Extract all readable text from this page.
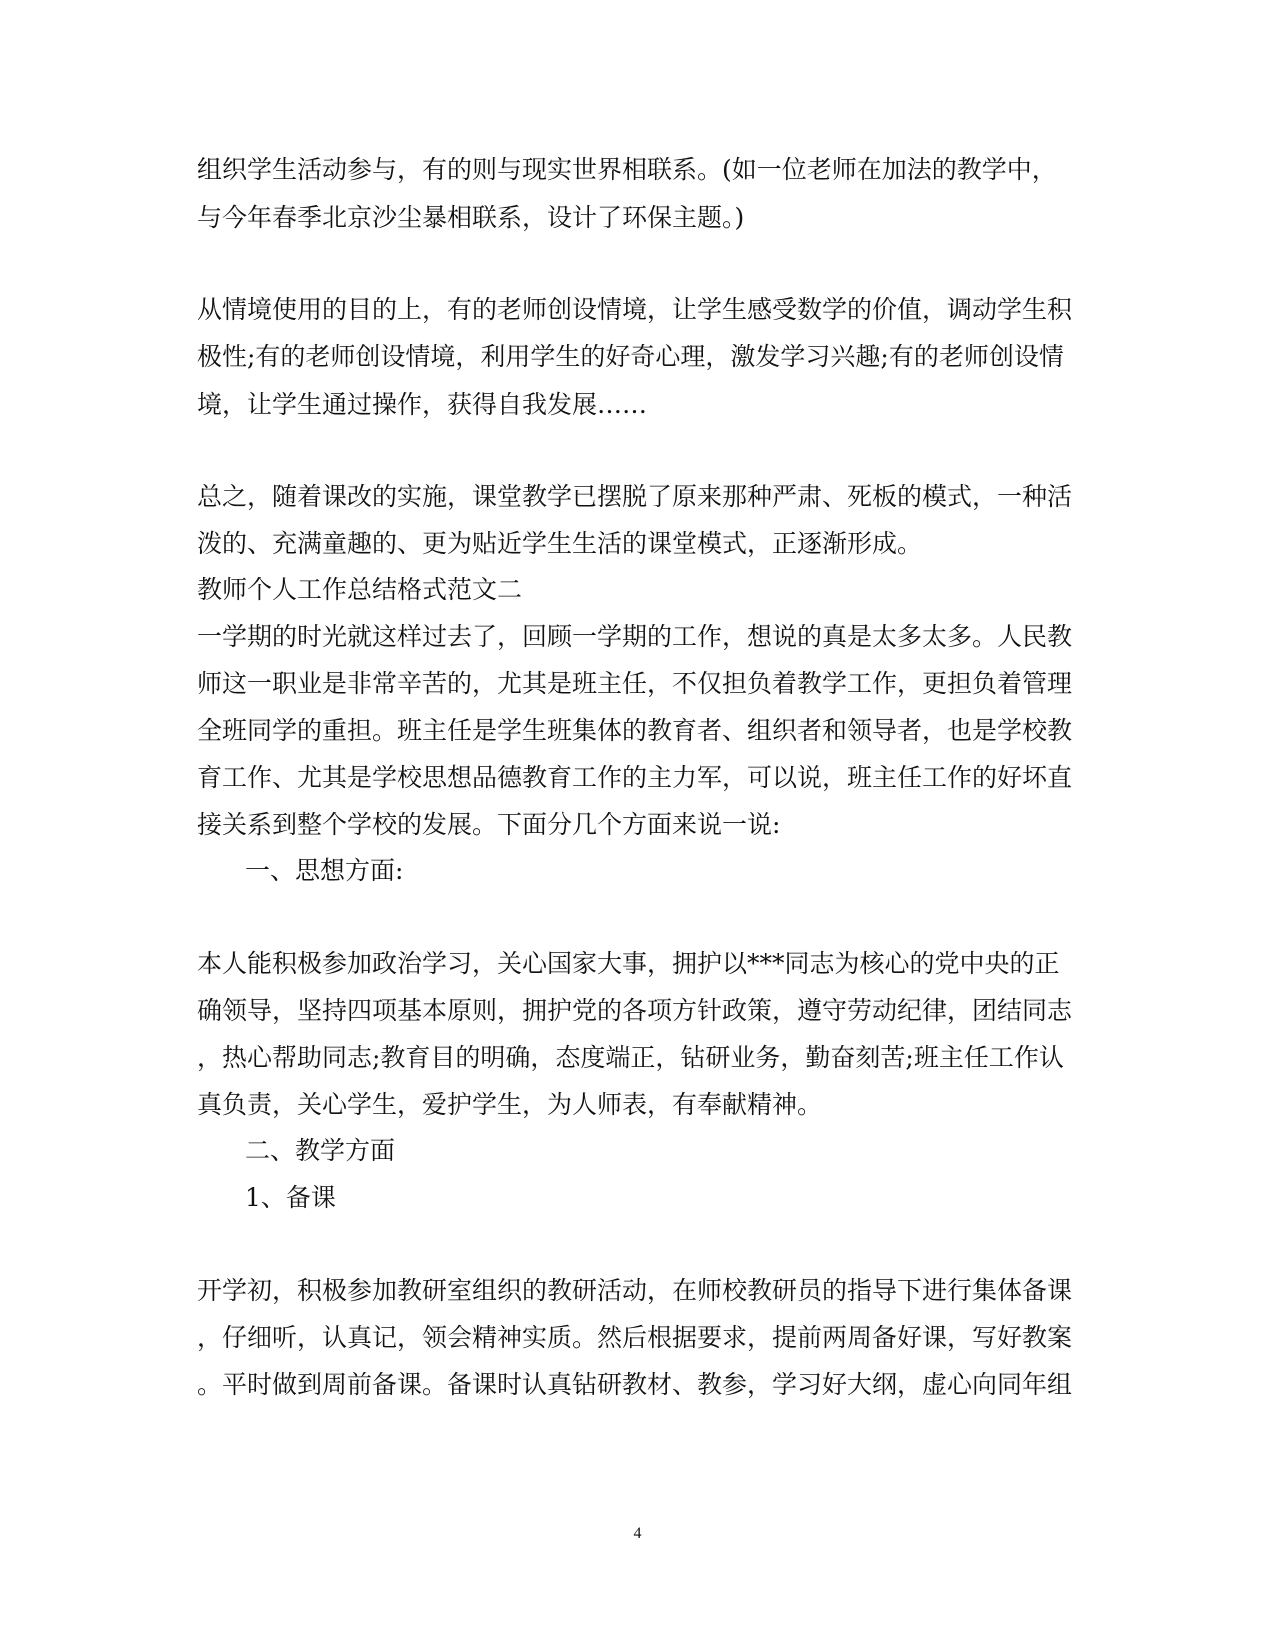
组织学生活动参与，有的则与现实世界相联系。(如一位老师在加法的教学中，
与今年春季北京沙尘暴相联系，设计了环保主题。)
从情境使用的目的上，有的老师创设情境，让学生感受数学的价值，调动学生积
极性;有的老师创设情境，利用学生的好奇心理，激发学习兴趣;有的老师创设情
境，让学生通过操作，获得自我发展……
总之，随着课改的实施，课堂教学已摆脱了原来那种严肃、死板的模式，一种活
泼的、充满童趣的、更为贴近学生生活的课堂模式，正逐渐形成。
教师个人工作总结格式范文二
一学期的时光就这样过去了，回顾一学期的工作，想说的真是太多太多。人民教
师这一职业是非常辛苦的，尤其是班主任，不仅担负着教学工作，更担负着管理
全班同学的重担。班主任是学生班集体的教育者、组织者和领导者，也是学校教
育工作、尤其是学校思想品德教育工作的主力军，可以说，班主任工作的好坏直
接关系到整个学校的发展。下面分几个方面来说一说:
一、思想方面:
本人能积极参加政治学习，关心国家大事，拥护以***同志为核心的党中央的正
确领导，坚持四项基本原则，拥护党的各项方针政策，遵守劳动纪律，团结同志
，热心帮助同志;教育目的明确，态度端正，钻研业务，勤奋刻苦;班主任工作认
真负责，关心学生，爱护学生，为人师表，有奉献精神。
二、教学方面
1、备课
开学初，积极参加教研室组织的教研活动，在师校教研员的指导下进行集体备课
，仔细听，认真记，领会精神实质。然后根据要求，提前两周备好课，写好教案
。平时做到周前备课。备课时认真钻研教材、教参，学习好大纲，虚心向同年组
4
